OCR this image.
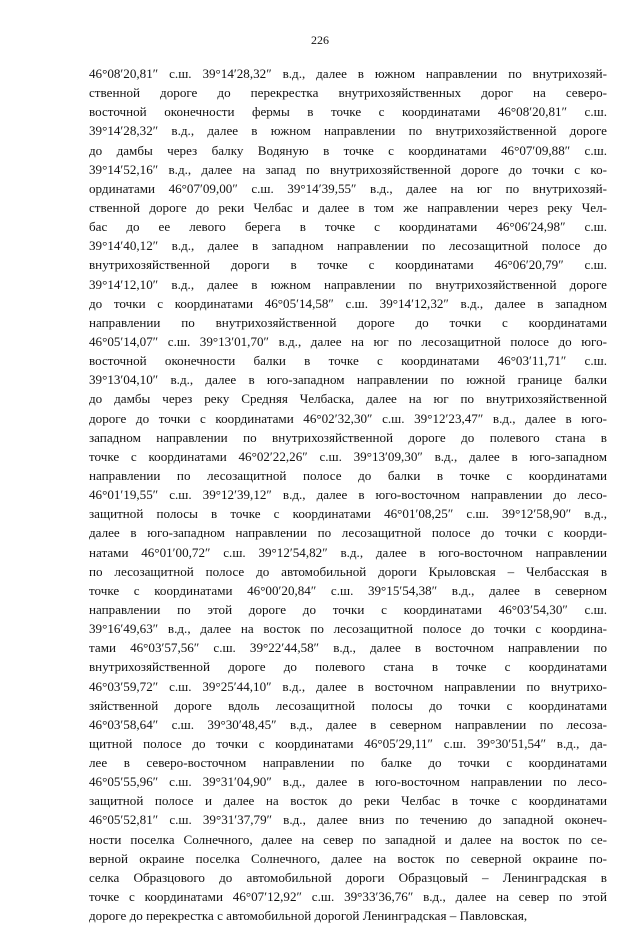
226
46°08′20,81″ с.ш. 39°14′28,32″ в.д., далее в южном направлении по внутрихозяй-
ственной дороге до перекрестка внутрихозяйственных дорог на северо-
восточной оконечности фермы в точке с координатами 46°08′20,81″ с.ш.
39°14′28,32″ в.д., далее в южном направлении по внутрихозяйственной дороге
до дамбы через балку Водяную в точке с координатами 46°07′09,88″ с.ш.
39°14′52,16″ в.д., далее на запад по внутрихозяйственной дороге до точки с ко-
ординатами 46°07′09,00″ с.ш. 39°14′39,55″ в.д., далее на юг по внутрихозяй-
ственной дороге до реки Челбас и далее в том же направлении через реку Чел-
бас до ее левого берега в точке с координатами 46°06′24,98″ с.ш.
39°14′40,12″ в.д., далее в западном направлении по лесозащитной полосе до
внутрихозяйственной дороги в точке с координатами 46°06′20,79″ с.ш.
39°14′12,10″ в.д., далее в южном направлении по внутрихозяйственной дороге
до точки с координатами 46°05′14,58″ с.ш. 39°14′12,32″ в.д., далее в западном
направлении по внутрихозяйственной дороге до точки с координатами
46°05′14,07″ с.ш. 39°13′01,70″ в.д., далее на юг по лесозащитной полосе до юго-
восточной оконечности балки в точке с координатами 46°03′11,71″ с.ш.
39°13′04,10″ в.д., далее в юго-западном направлении по южной границе балки
до дамбы через реку Средняя Челбаска, далее на юг по внутрихозяйственной
дороге до точки с координатами 46°02′32,30″ с.ш. 39°12′23,47″ в.д., далее в юго-
западном направлении по внутрихозяйственной дороге до полевого стана в
точке с координатами 46°02′22,26″ с.ш. 39°13′09,30″ в.д., далее в юго-западном
направлении по лесозащитной полосе до балки в точке с координатами
46°01′19,55″ с.ш. 39°12′39,12″ в.д., далее в юго-восточном направлении до лесо-
защитной полосы в точке с координатами 46°01′08,25″ с.ш. 39°12′58,90″ в.д.,
далее в юго-западном направлении по лесозащитной полосе до точки с коорди-
натами 46°01′00,72″ с.ш. 39°12′54,82″ в.д., далее в юго-восточном направлении
по лесозащитной полосе до автомобильной дороги Крыловская – Челбасская в
точке с координатами 46°00′20,84″ с.ш. 39°15′54,38″ в.д., далее в северном
направлении по этой дороге до точки с координатами 46°03′54,30″ с.ш.
39°16′49,63″ в.д., далее на восток по лесозащитной полосе до точки с координа-
тами 46°03′57,56″ с.ш. 39°22′44,58″ в.д., далее в восточном направлении по
внутрихозяйственной дороге до полевого стана в точке с координатами
46°03′59,72″ с.ш. 39°25′44,10″ в.д., далее в восточном направлении по внутрихо-
зяйственной дороге вдоль лесозащитной полосы до точки с координатами
46°03′58,64″ с.ш. 39°30′48,45″ в.д., далее в северном направлении по лесоза-
щитной полосе до точки с координатами 46°05′29,11″ с.ш. 39°30′51,54″ в.д., да-
лее в северо-восточном направлении по балке до точки с координатами
46°05′55,96″ с.ш. 39°31′04,90″ в.д., далее в юго-восточном направлении по лесо-
защитной полосе и далее на восток до реки Челбас в точке с координатами
46°05′52,81″ с.ш. 39°31′37,79″ в.д., далее вниз по течению до западной оконеч-
ности поселка Солнечного, далее на север по западной и далее на восток по се-
верной окраине поселка Солнечного, далее на восток по северной окраине по-
селка Образцового до автомобильной дороги Образцовый – Ленинградская в
точке с координатами 46°07′12,92″ с.ш. 39°33′36,76″ в.д., далее на север по этой
дороге до перекрестка с автомобильной дорогой Ленинградская – Павловская,
